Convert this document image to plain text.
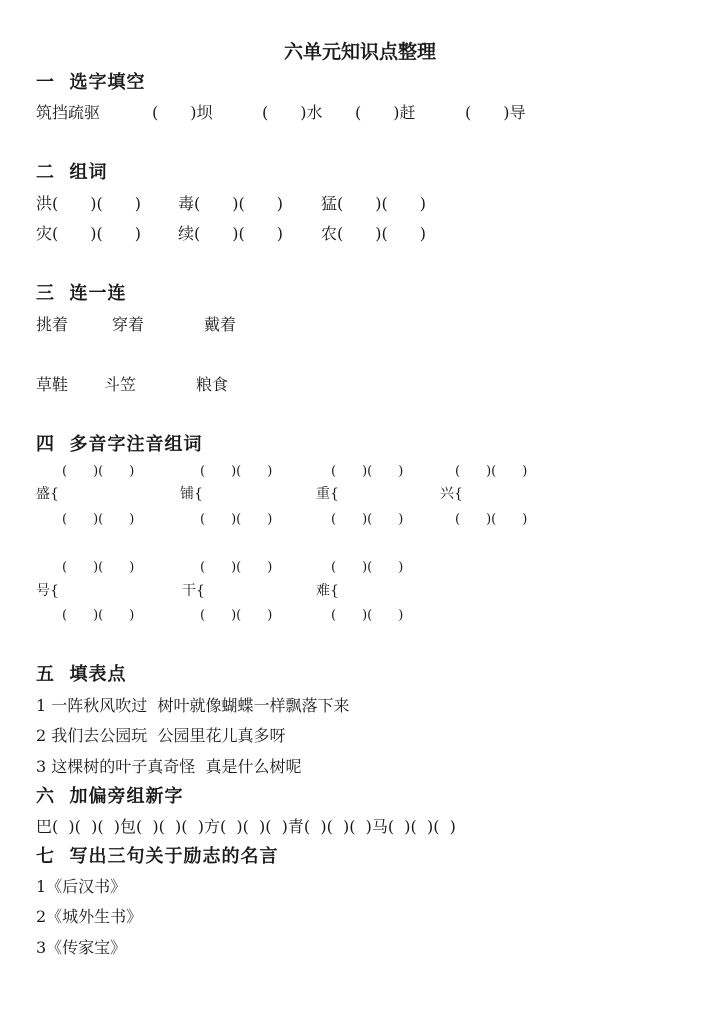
六单元知识点整理
一  选字填空
筑挡疏驱	(　　)坝	(　　)水 (　　)赶	(　　)导
二  组词
洪(　　)(　　) 毒(　　)(　　) 猛(　　)(　　)
灾(　　)(　　) 续(　　)(　　) 农(　　)(　　)
三  连一连
挑着	穿着	戴着
草鞋 斗笠	粮食
四  多音字注音组词
(　　)(　　)	(　　)(　　)	(　　)(　　)	(　　)(　　)
盛{	铺{	重{	兴{
(　　)(　　)	(　　)(　　)	(　　)(　　)	(　　)(　　)
(　　)(　　)	(　　)(　　)	(　　)(　　)
号{	干{	难{
(　　)(　　)	(　　)(　　)	(　　)(　　)
五  填表点
1 一阵秋风吹过  树叶就像蝴蝶一样飘落下来
2 我们去公园玩  公园里花儿真多呀
3 这棵树的叶子真奇怪  真是什么树呢
六  加偏旁组新字
巴(  )(  )(  )包(  )(  )(  )方(  )(  )(  )青(  )(  )(  )马(  )(  )(  )
七  写出三句关于励志的名言
1《后汉书》
2《城外生书》
3《传家宝》
